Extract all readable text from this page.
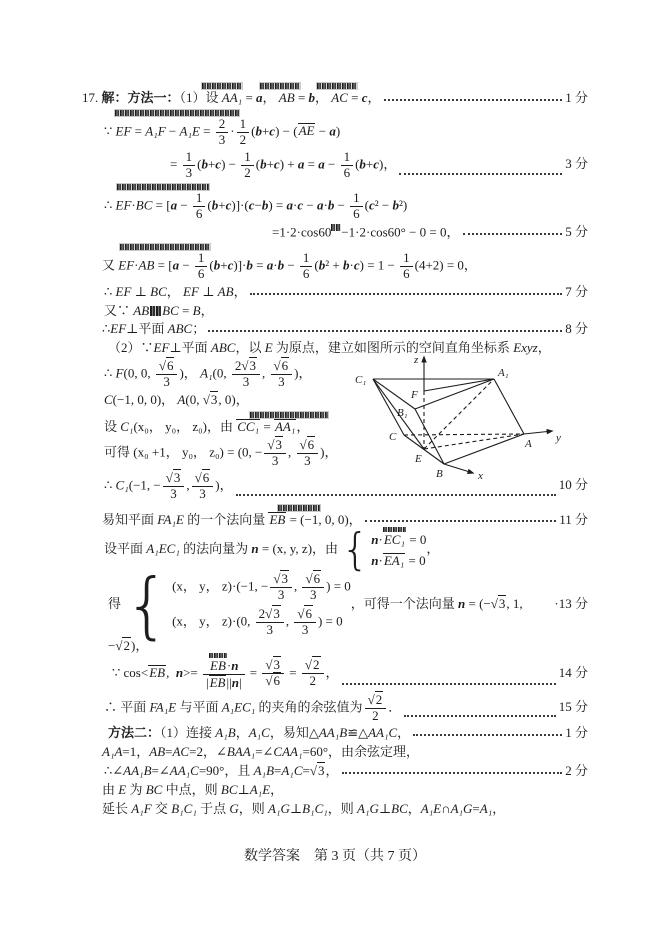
17. 解：方法一：（1）设 AA₁ = a， AB = b， AC = c，	1 分
∵ EF = $A_1F - A_1E = \frac{2}{3} \cdot \frac{1}{2} (b+c) - (AE - a)$
= $\frac{1}{3} (b+c) - \frac{1}{2} (b+c) + a = a - \frac{1}{6} (b+c)$，	3 分
∴ $EF\cdot BC = [a - \frac{1}{6} (b+c)]\cdot(c-b) = a\cdot c - a\cdot b - \frac{1}{6} (c^2 - b^2)$
=1·2·cos60 −1·2·cos60° − 0 = 0，	5 分
又 $EF\cdot AB = [a - \frac{1}{6} (b+c)]\cdot b = a\cdot b - \frac{1}{6} (b^2 + b\cdot c) = 1 - \frac{1}{6} (4+2) = 0$，
∴ EF ⊥ BC， EF ⊥ AB，	7 分
又∵ AB BC = B，
∴EF⊥平面 ABC；	8 分
（2）∵EF⊥平面 ABC，以 E 为原点，建立如图所示的空间直角坐标系 Exyz，
∴ F(0, 0, $\frac{√6}{3}$ )， A₁(0, $\frac{2√3}{3}$ , $\frac{√6}{3}$ )，
C(−1, 0, 0)， A(0, √3, 0)，
设 C₁(x₀， y₀， z₀)，由 CC₁ = AA₁，
可得 (x₀ +1， y₀， z₀) = (0, − $\frac{√3}{3}$ , $\frac{√6}{3}$ )，
∴ C₁(−1, − $\frac{√3}{3}$ , $\frac{√6}{3}$ )，	10 分
易知平面 FA₁E 的一个法向量 EB = (−1, 0, 0)，	11 分
设平面 A₁EC₁ 的法向量为 n = (x, y, z)，由
{ n·EC₁ = 0
n·EA₁ = 0
，
得
{ (x， y， z)·(−1, − $\frac{√3}{3}$ , $\frac{√6}{3}$ ) = 0
(x， y， z)·(0, $\frac{2√3}{3}$ , $\frac{√6}{3}$ ) = 0
，可得一个法向量 n = (−√3, 1, −√2)，
·13 分
∵ cos<EB,  $n>= \frac{EB\cdot n}{|EB||n|} = \frac{√3}{√6} = \frac{√2}{2}$ ，	14 分
∴ 平面 FA₁E 与平面 A₁EC₁ 的夹角的余弦值为 $\frac{√2}{2}$ ．	15 分
方法二：（1）连接 A₁B，A₁C，易知△AA₁B≌△AA₁C，	1 分
A₁A=1，AB=AC=2，∠BAA₁=∠CAA₁=60°，由余弦定理，
∴∠AA₁B=∠AA₁C=90°，且 A₁B=A₁C=√3，	2 分
由 E 为 BC 中点，则 BC⊥A₁E，
延长 A₁F 交 B₁C₁ 于点 G，则 A₁G⊥B₁C₁，则 A₁G⊥BC，A₁E∩A₁G=A₁，
z
x
y
C₁
A₁
F
B₁
C
E
B
A
数学答案　第 3 页（共 7 页）
